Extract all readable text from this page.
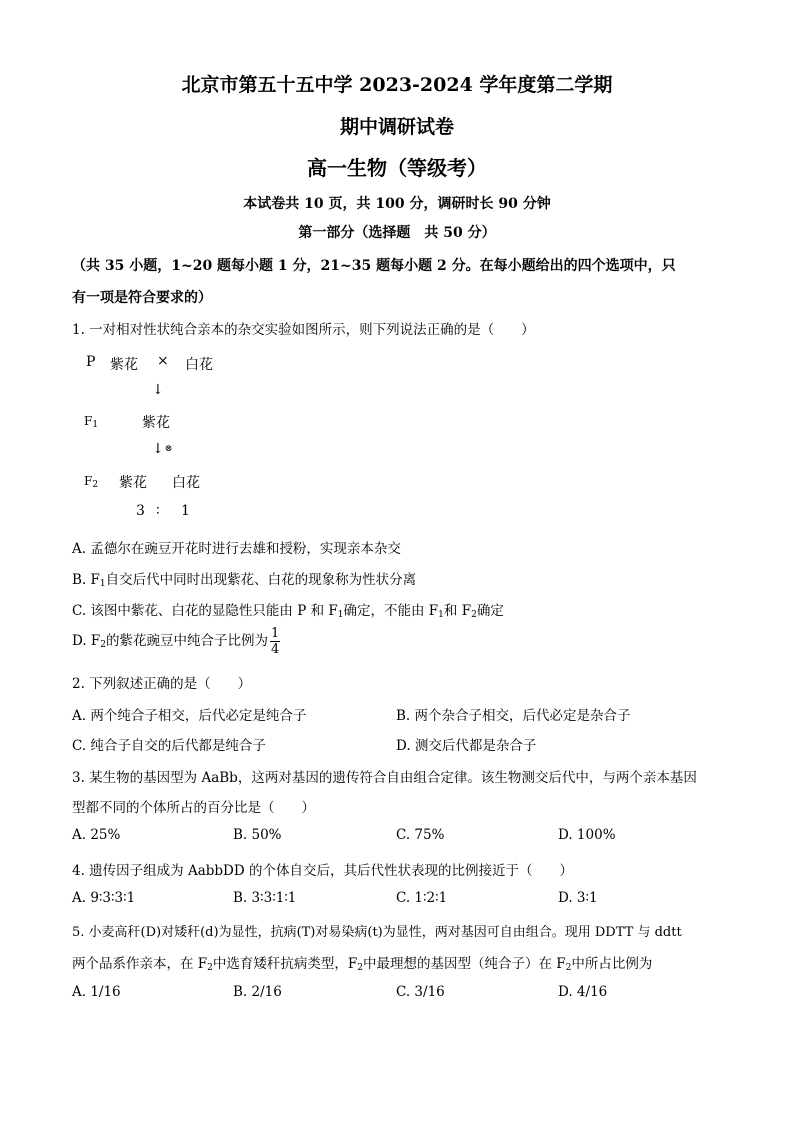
北京市第五十五中学 2023-2024 学年度第二学期
期中调研试卷
高一生物（等级考）
本试卷共 10 页，共 100 分，调研时长 90 分钟
第一部分（选择题　共 50 分）
（共 35 小题，1~20 题每小题 1 分，21~35 题每小题 2 分。在每小题给出的四个选项中，只
有一项是符合要求的）
1. 一对相对性状纯合亲本的杂交实验如图所示，则下列说法正确的是（　　）
P 紫花 × 白花
↓
$F_1$	紫花
↓⊗
$F_2$ 紫花 白花
3 ∶ 1
A. 孟德尔在豌豆开花时进行去雄和授粉，实现亲本杂交
B. $F_1$自交后代中同时出现紫花、白花的现象称为性状分离
C. 该图中紫花、白花的显隐性只能由 P 和 $F_1$确定，不能由 $F_1$和 $F_2$确定
D. $F_2$的紫花豌豆中纯合子比例为 $\frac{1}{4}$
2. 下列叙述正确的是（　　）
A. 两个纯合子相交，后代必定是纯合子	B. 两个杂合子相交，后代必定是杂合子
C. 纯合子自交的后代都是纯合子	D. 测交后代都是杂合子
3. 某生物的基因型为 AaBb，这两对基因的遗传符合自由组合定律。该生物测交后代中，与两个亲本基因
型都不同的个体所占的百分比是（　　）
A. 25%	B. 50%	C. 75%	D. 100%
4. 遗传因子组成为 AabbDD 的个体自交后，其后代性状表现的比例接近于（　　）
A. 9∶3∶3∶1	B. 3∶3∶1∶1	C. 1∶2∶1	D. 3∶1
5. 小麦高秆(D)对矮秆(d)为显性，抗病(T)对易染病(t)为显性，两对基因可自由组合。现用 DDTT 与 ddtt
两个品系作亲本，在 $F_2$中选育矮秆抗病类型，$F_2$中最理想的基因型（纯合子）在 $F_2$中所占比例为
A. 1/16	B. 2/16	C. 3/16	D. 4/16
